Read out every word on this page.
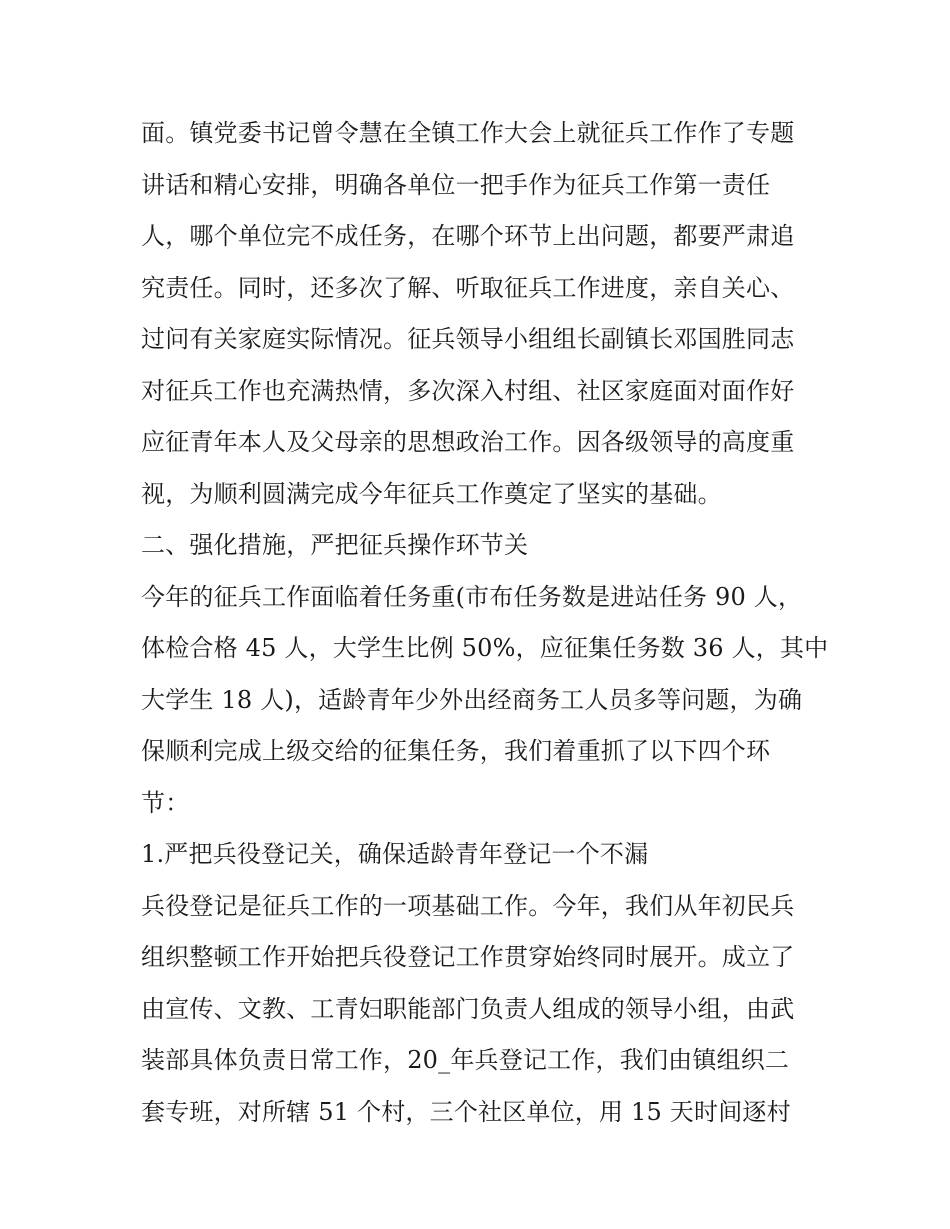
面。镇党委书记曾令慧在全镇工作大会上就征兵工作作了专题
讲话和精心安排，明确各单位一把手作为征兵工作第一责任
人，哪个单位完不成任务，在哪个环节上出问题，都要严肃追
究责任。同时，还多次了解、听取征兵工作进度，亲自关心、
过问有关家庭实际情况。征兵领导小组组长副镇长邓国胜同志
对征兵工作也充满热情，多次深入村组、社区家庭面对面作好
应征青年本人及父母亲的思想政治工作。因各级领导的高度重
视，为顺利圆满完成今年征兵工作奠定了坚实的基础。
二、强化措施，严把征兵操作环节关
今年的征兵工作面临着任务重(市布任务数是进站任务 90 人，
体检合格 45 人，大学生比例 50%，应征集任务数 36 人，其中
大学生 18 人)，适龄青年少外出经商务工人员多等问题，为确
保顺利完成上级交给的征集任务，我们着重抓了以下四个环
节：
1.严把兵役登记关，确保适龄青年登记一个不漏
兵役登记是征兵工作的一项基础工作。今年，我们从年初民兵
组织整顿工作开始把兵役登记工作贯穿始终同时展开。成立了
由宣传、文教、工青妇职能部门负责人组成的领导小组，由武
装部具体负责日常工作，20_年兵登记工作，我们由镇组织二
套专班，对所辖 51 个村，三个社区单位，用 15 天时间逐村
